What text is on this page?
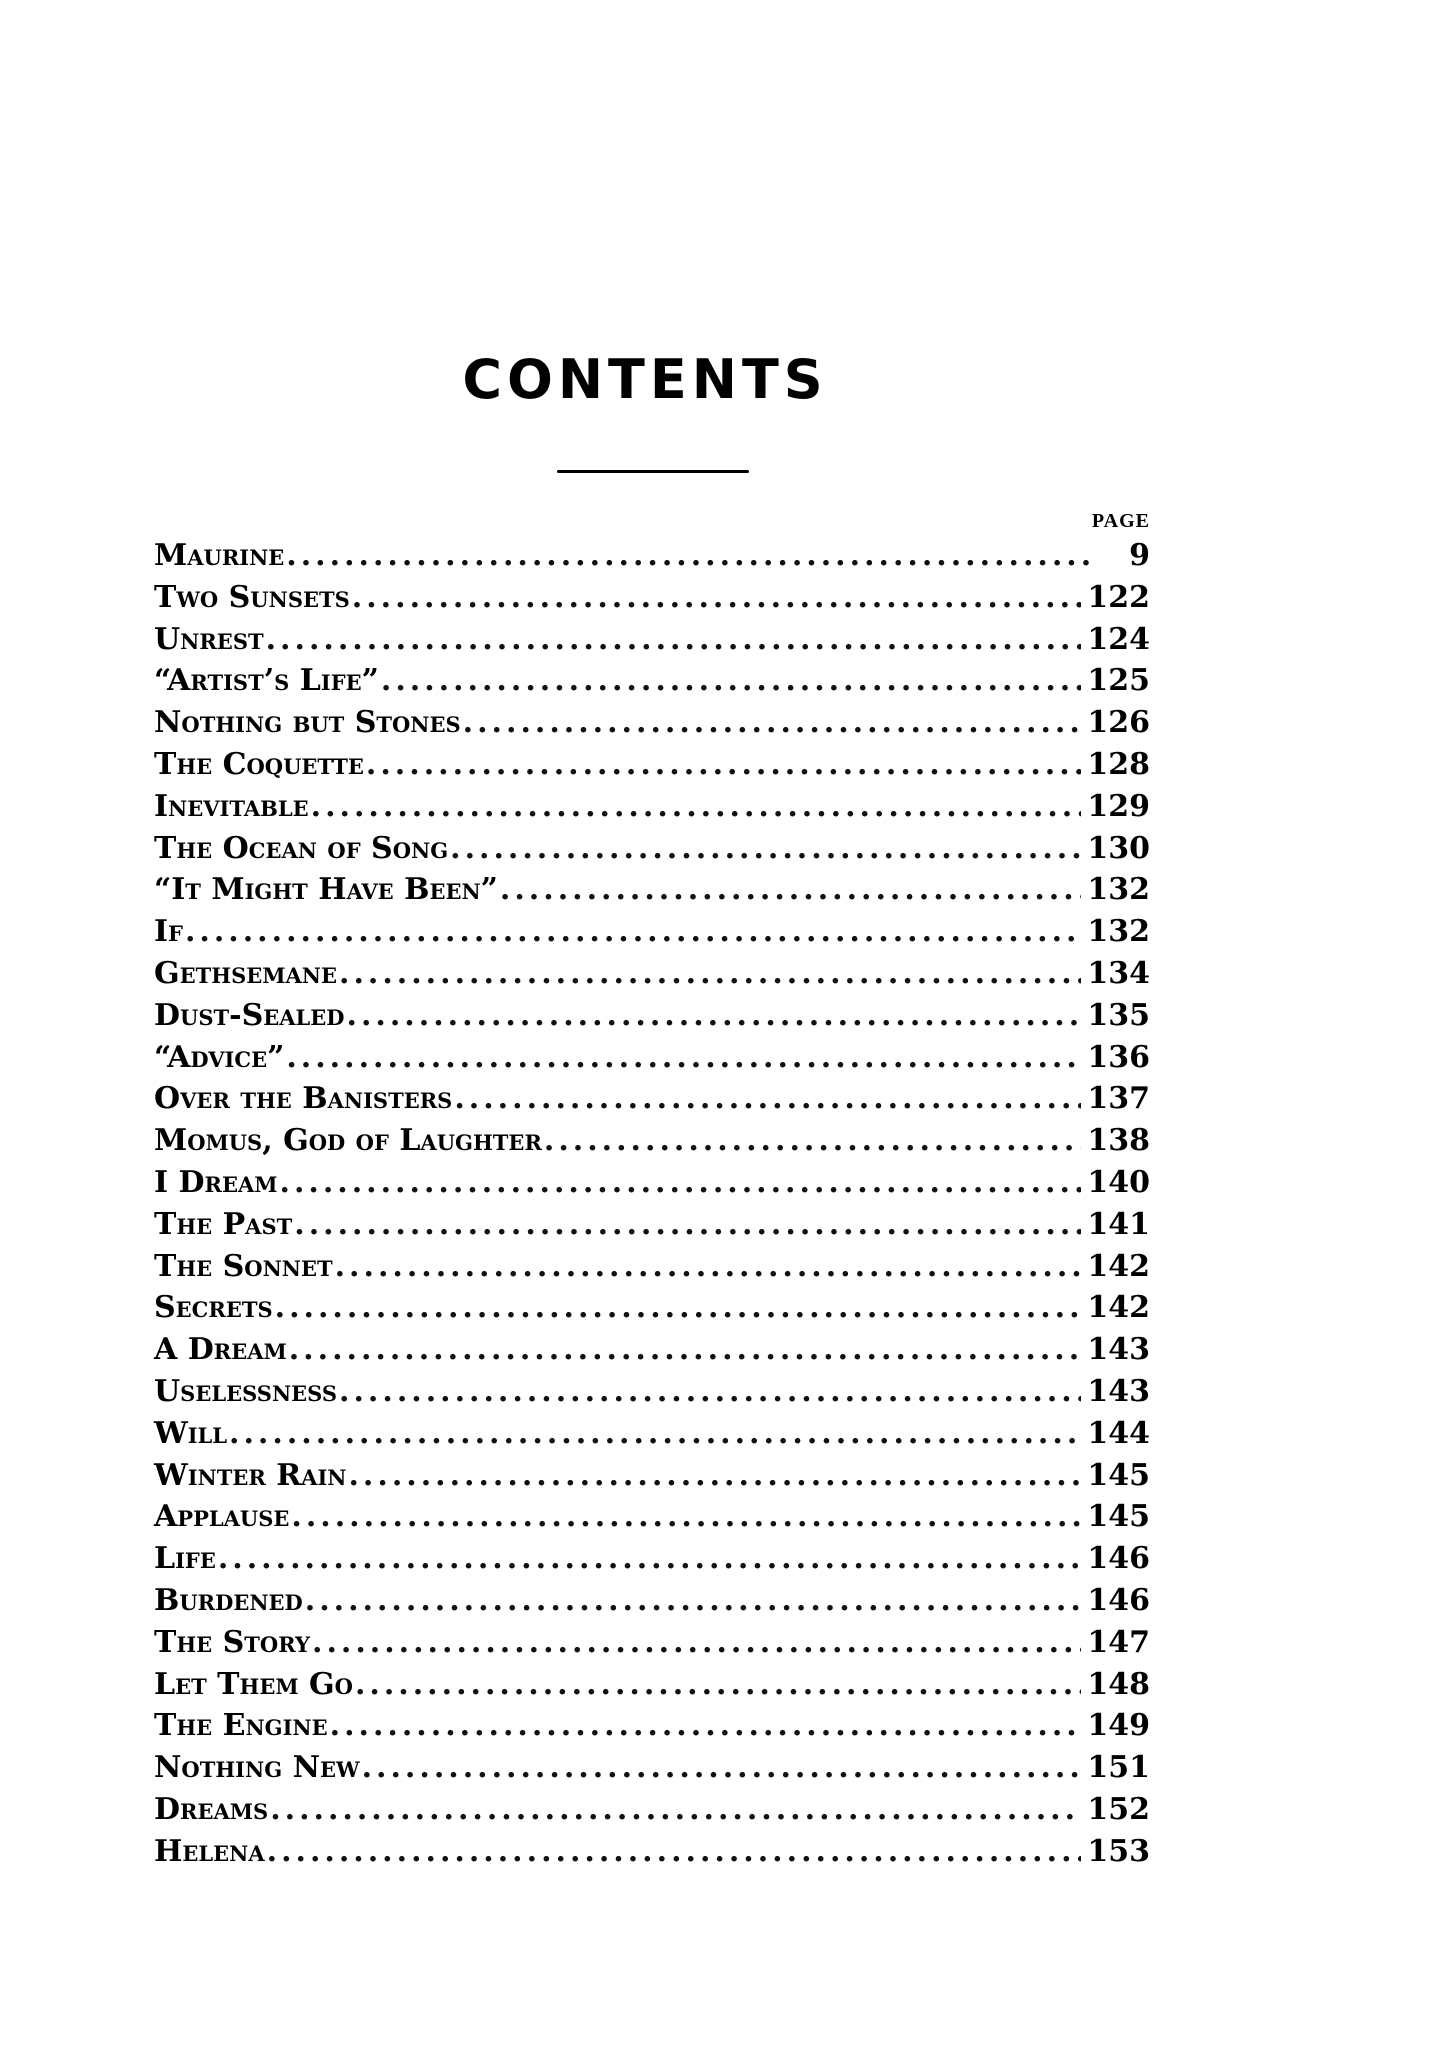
CONTENTS
PAGE
Maurine .....	9
Two Sunsets .....	122
Unrest .....	124
“Artist’s Life” .....	125
Nothing but Stones .....	126
The Coquette .....	128
Inevitable .....	129
The Ocean of Song .....	130
“It Might Have Been” .....	132
If .....	132
Gethsemane .....	134
Dust-Sealed .....	135
“Advice” .....	136
Over the Banisters .....	137
Momus, God of Laughter .....	138
I Dream .....	140
The Past .....	141
The Sonnet .....	142
Secrets .....	142
A Dream .....	143
Uselessness .....	143
Will .....	144
Winter Rain .....	145
Applause .....	145
Life .....	146
Burdened .....	146
The Story .....	147
Let Them Go .....	148
The Engine .....	149
Nothing New .....	151
Dreams .....	152
Helena .....	153
